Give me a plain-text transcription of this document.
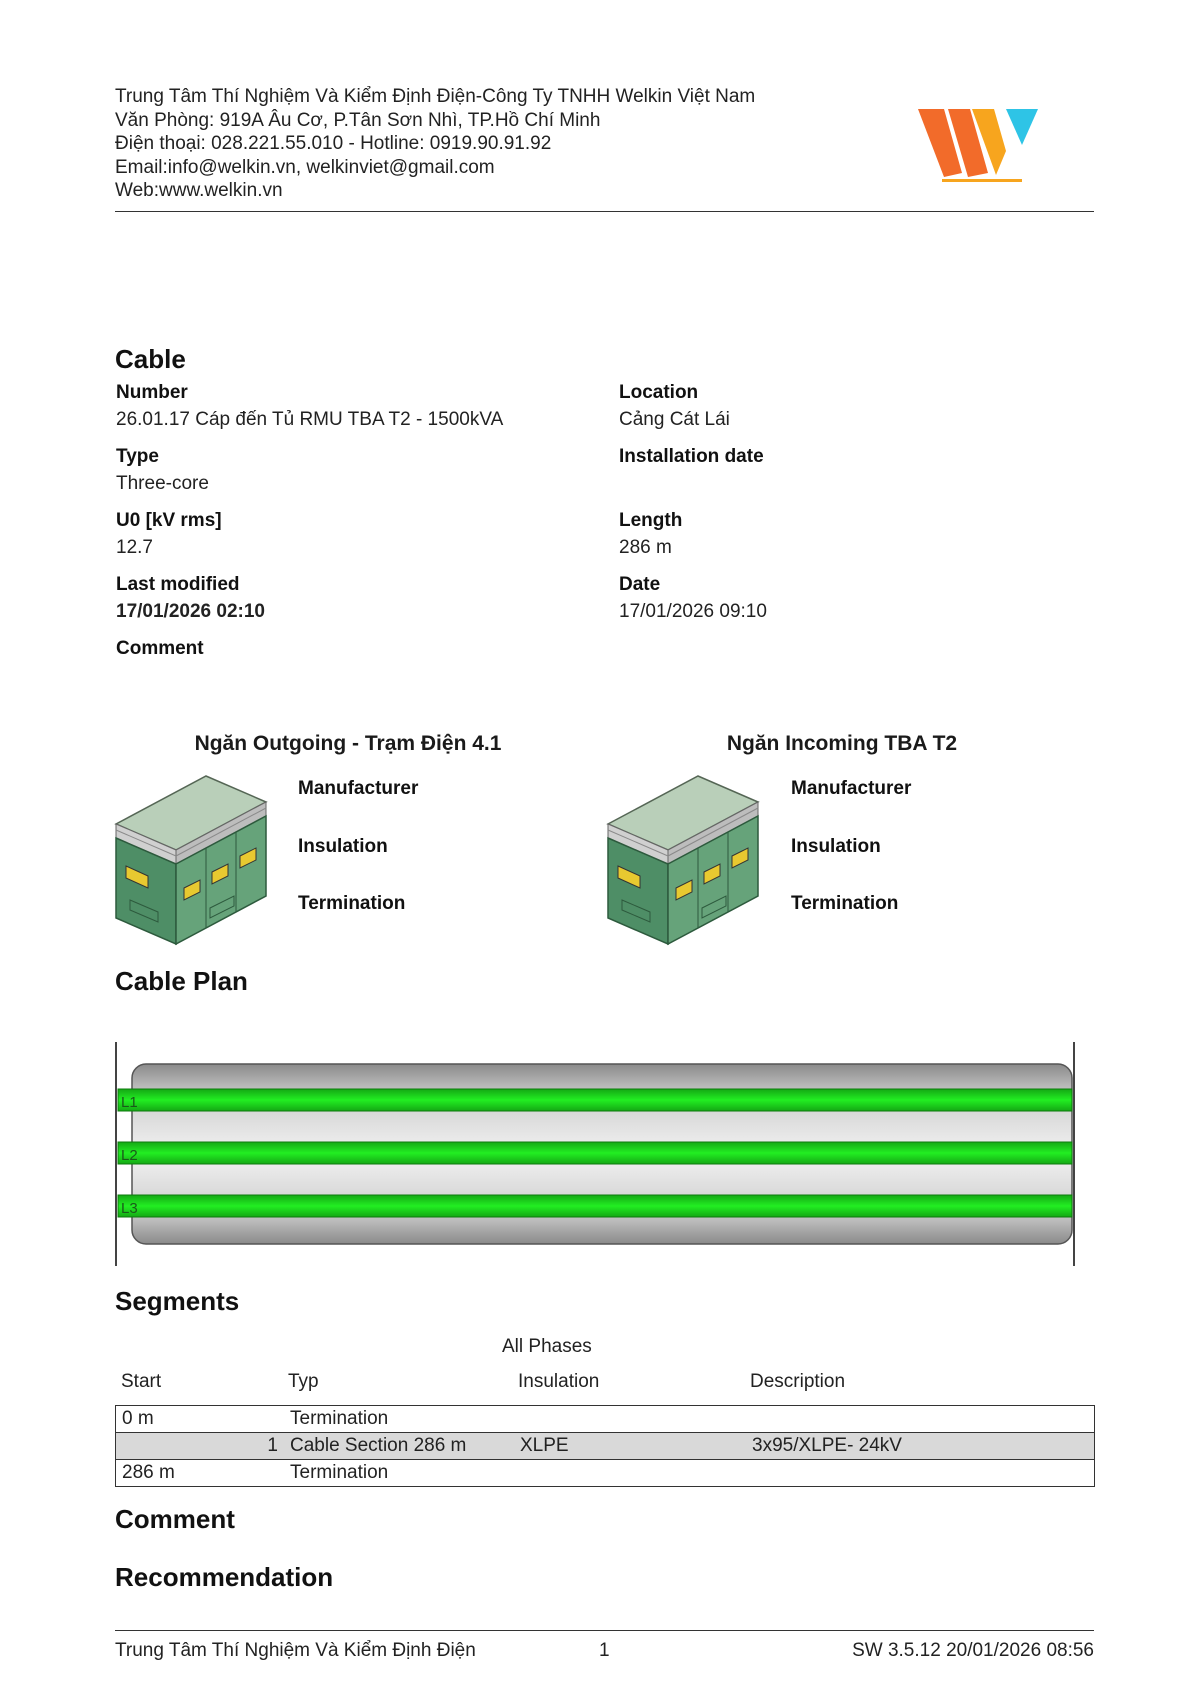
Trung Tâm Thí Nghiệm Và Kiểm Định Điện-Công Ty TNHH Welkin Việt Nam
Văn Phòng: 919A Âu Cơ, P.Tân Sơn Nhì, TP.Hồ Chí Minh
Điện thoại: 028.221.55.010 - Hotline: 0919.90.91.92
Email:info@welkin.vn, welkinviet@gmail.com
Web:www.welkin.vn
Cable
Number
26.01.17 Cáp đến Tủ RMU TBA T2 - 1500kVA
Location
Cảng Cát Lái
Type
Three-core
Installation date
U0 [kV rms]
12.7
Length
286 m
Last modified
17/01/2026 02:10
Date
17/01/2026 09:10
Comment
Ngăn Outgoing - Trạm Điện 4.1	Ngăn Incoming TBA T2
Manufacturer
Insulation
Termination
Manufacturer
Insulation
Termination
Cable Plan
L1
L2
L3
Segments
All Phases
Start	Typ	Insulation	Description
0 m		Termination		
	1	Cable Section 286 m	XLPE	3x95/XLPE- 24kV
286 m		Termination		
Comment
Recommendation
Trung Tâm Thí Nghiệm Và Kiểm Định Điện	1	SW 3.5.12 20/01/2026 08:56
